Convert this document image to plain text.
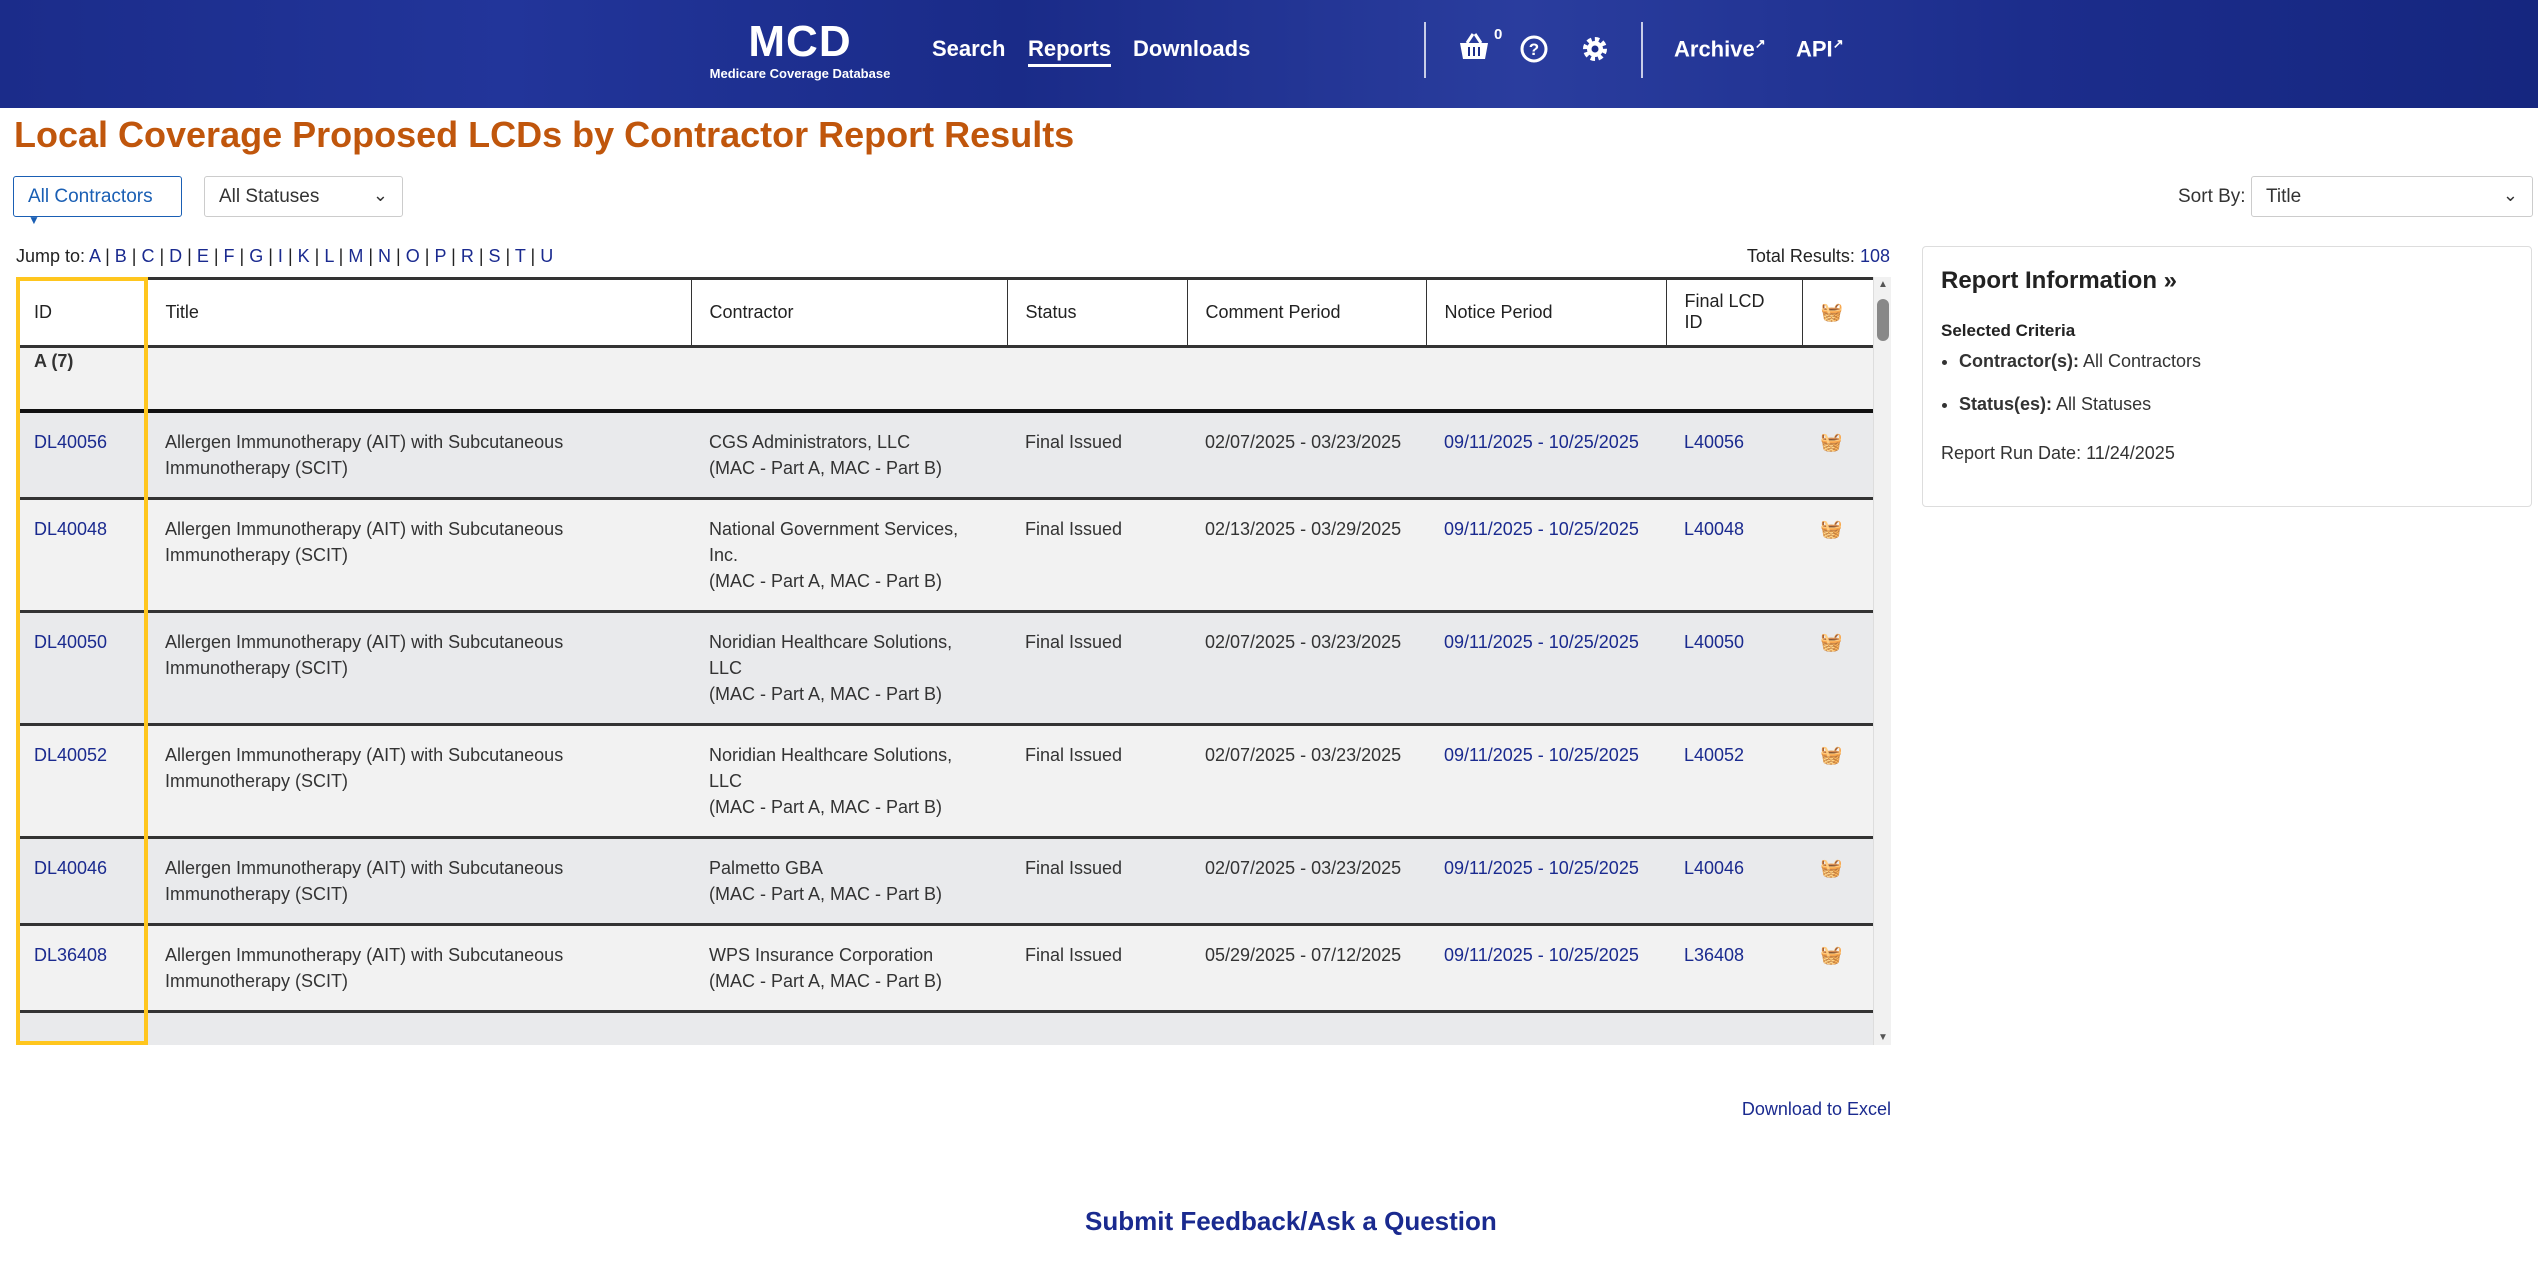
MCD
Medicare Coverage Database
Search Reports Downloads
0
?	Archive↗ API↗
Local Coverage Proposed LCDs by Contractor Report Results
All Contractors ▼
All Statuses	⌄	Sort By:	Title	⌄
Jump to: A | B | C | D | E | F | G | I | K | L | M | N | O | P | R | S | T | U	Total Results: 108
ID	Title	Contractor	Status	Comment Period	Notice Period	Final LCD ID	🧺
A (7)							
DL40056	Allergen Immunotherapy (AIT) with Subcutaneous Immunotherapy (SCIT)	CGS Administrators, LLC
(MAC - Part A, MAC - Part B)	Final Issued	02/07/2025 - 03/23/2025	09/11/2025 - 10/25/2025	L40056	🧺
DL40048	Allergen Immunotherapy (AIT) with Subcutaneous Immunotherapy (SCIT)	National Government Services, Inc.
(MAC - Part A, MAC - Part B)	Final Issued	02/13/2025 - 03/29/2025	09/11/2025 - 10/25/2025	L40048	🧺
DL40050	Allergen Immunotherapy (AIT) with Subcutaneous Immunotherapy (SCIT)	Noridian Healthcare Solutions, LLC
(MAC - Part A, MAC - Part B)	Final Issued	02/07/2025 - 03/23/2025	09/11/2025 - 10/25/2025	L40050	🧺
DL40052	Allergen Immunotherapy (AIT) with Subcutaneous Immunotherapy (SCIT)	Noridian Healthcare Solutions, LLC
(MAC - Part A, MAC - Part B)	Final Issued	02/07/2025 - 03/23/2025	09/11/2025 - 10/25/2025	L40052	🧺
DL40046	Allergen Immunotherapy (AIT) with Subcutaneous Immunotherapy (SCIT)	Palmetto GBA
(MAC - Part A, MAC - Part B)	Final Issued	02/07/2025 - 03/23/2025	09/11/2025 - 10/25/2025	L40046	🧺
DL36408	Allergen Immunotherapy (AIT) with Subcutaneous Immunotherapy (SCIT)	WPS Insurance Corporation
(MAC - Part A, MAC - Part B)	Final Issued	05/29/2025 - 07/12/2025	09/11/2025 - 10/25/2025	L36408	🧺

▲
▼
Report Information »
Selected Criteria
• Contractor(s): All Contractors
• Status(es): All Statuses
Report Run Date: 11/24/2025
Download to Excel
Submit Feedback/Ask a Question
